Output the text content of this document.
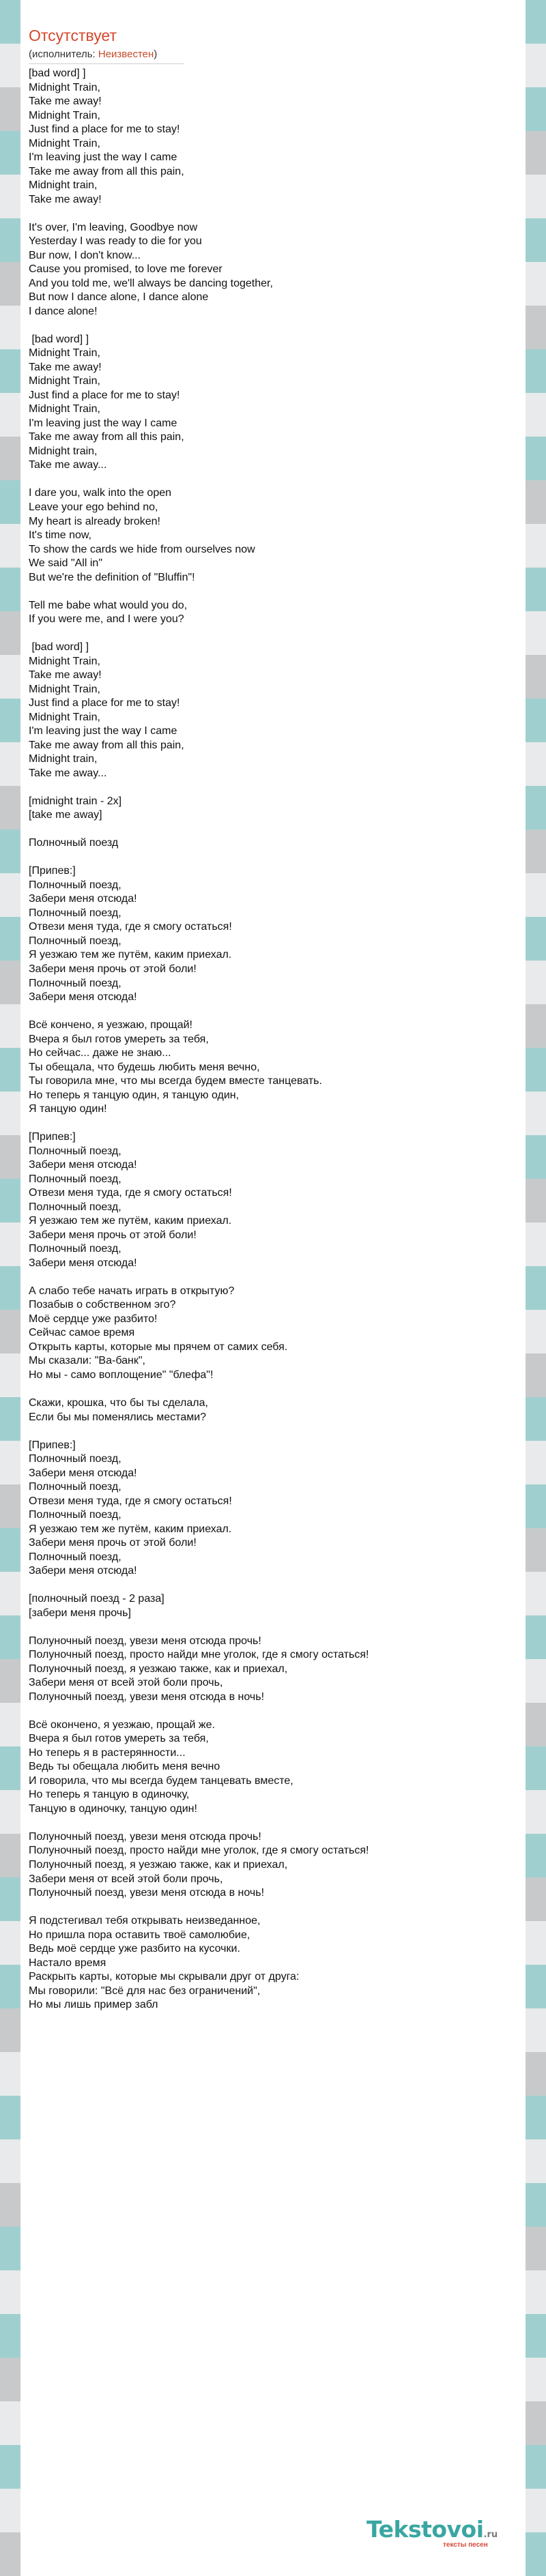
Отсутствует
(исполнитель: Неизвестен)
[bad word] ]
Midnight Train,
Take me away!
Midnight Train,
Just find a place for me to stay!
Midnight Train,
I'm leaving just the way I came
Take me away from all this pain,
Midnight train,
Take me away!

It's over, I'm leaving, Goodbye now
Yesterday I was ready to die for you
Bur now, I don't know...
Cause you promised, to love me forever
And you told me, we'll always be dancing together,
But now I dance alone, I dance alone
I dance alone!

[bad word] ]
Midnight Train,
Take me away!
Midnight Train,
Just find a place for me to stay!
Midnight Train,
I'm leaving just the way I came
Take me away from all this pain,
Midnight train,
Take me away...

I dare you, walk into the open
Leave your ego behind no,
My heart is already broken!
It's time now,
To show the cards we hide from ourselves now
We said "All in"
But we're the definition of "Bluffin"!

Tell me babe what would you do,
If you were me, and I were you?

[bad word] ]
Midnight Train,
Take me away!
Midnight Train,
Just find a place for me to stay!
Midnight Train,
I'm leaving just the way I came
Take me away from all this pain,
Midnight train,
Take me away...

[midnight train - 2x]
[take me away]

Полночный поезд

[Припев:]
Полночный поезд,
Забери меня отсюда!
Полночный поезд,
Отвези меня туда, где я смогу остаться!
Полночный поезд,
Я уезжаю тем же путём, каким приехал.
Забери меня прочь от этой боли!
Полночный поезд,
Забери меня отсюда!

Всё кончено, я уезжаю, прощай!
Вчера я был готов умереть за тебя,
Но сейчас... даже не знаю...
Ты обещала, что будешь любить меня вечно,
Ты говорила мне, что мы всегда будем вместе танцевать.
Но теперь я танцую один, я танцую один,
Я танцую один!

[Припев:]
Полночный поезд,
Забери меня отсюда!
Полночный поезд,
Отвези меня туда, где я смогу остаться!
Полночный поезд,
Я уезжаю тем же путём, каким приехал.
Забери меня прочь от этой боли!
Полночный поезд,
Забери меня отсюда!

А слабо тебе начать играть в открытую?
Позабыв о собственном эго?
Моё сердце уже разбито!
Сейчас самое время
Открыть карты, которые мы прячем от самих себя.
Мы сказали: "Ва-банк",
Но мы - само воплощение" "блефа"!

Скажи, крошка, что бы ты сделала,
Если бы мы поменялись местами?

[Припев:]
Полночный поезд,
Забери меня отсюда!
Полночный поезд,
Отвези меня туда, где я смогу остаться!
Полночный поезд,
Я уезжаю тем же путём, каким приехал.
Забери меня прочь от этой боли!
Полночный поезд,
Забери меня отсюда!

[полночный поезд - 2 раза]
[забери меня прочь]

Полуночный поезд, увези меня отсюда прочь!
Полуночный поезд, просто найди мне уголок, где я смогу остаться!
Полуночный поезд, я уезжаю также, как и приехал,
Забери меня от всей этой боли прочь,
Полуночный поезд, увези меня отсюда в ночь!

Всё окончено, я уезжаю, прощай же.
Вчера я был готов умереть за тебя,
Но теперь я в растерянности...
Ведь ты обещала любить меня вечно
И говорила, что мы всегда будем танцевать вместе,
Но теперь я танцую в одиночку,
Танцую в одиночку, танцую один!

Полуночный поезд, увези меня отсюда прочь!
Полуночный поезд, просто найди мне уголок, где я смогу остаться!
Полуночный поезд, я уезжаю также, как и приехал,
Забери меня от всей этой боли прочь,
Полуночный поезд, увези меня отсюда в ночь!

Я подстегивал тебя открывать неизведанное,
Но пришла пора оставить твоё самолюбие,
Ведь моё сердце уже разбито на кусочки.
Настало время
Раскрыть карты, которые мы скрывали друг от друга:
Мы говорили: "Всё для нас без ограничений",
Но мы лишь пример забл
Tekstovoi.ru
тексты песен
